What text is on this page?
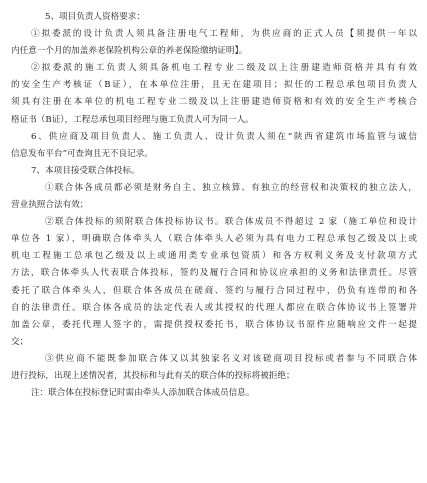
5、项目负责人资格要求：
①拟委派的设计负责人须具备注册电气工程师，为供应商的正式人员【须提供一年以
内任意一个月的加盖养老保险机构公章的养老保险缴纳证明】。
②拟委派的施工负责人须具备机电工程专业二级及以上注册建造师资格并具有有效
的安全生产考核证（B证），在本单位注册，且无在建项目；拟任的工程总承包项目负责人
须具有注册在本单位的机电工程专业二级及以上注册建造师资格和有效的安全生产考核合
格证书（B证），工程总承包项目经理与施工负责人可为同一人。
6、供应商及项目负责人、施工负责人、设计负责人须在“陕西省建筑市场监管与诚信
信息发布平台”可查询且无不良记录。
7、本项目接受联合体投标。
①联合体各成员都必须是财务自主、独立核算、有独立的经营权和决策权的独立法人，
营业执照合法有效；
②联合体投标的须附联合体投标协议书。联合体成员不得超过 2 家（施工单位和设计
单位各 1 家），明确联合体牵头人（联合体牵头人必须为具有电力工程总承包乙级及以上或
机电工程施工总承包乙级及以上或通用类专业承包资质）和各方权利义务及支付款项方式
方法，联合体牵头人代表联合体投标，签约及履行合同和协议应承担的义务和法律责任。尽管
委托了联合体牵头人，但联合体各成员在磋商、签约与履行合同过程中，仍负有连带的和各
自的法律责任。联合体各成员的法定代表人或其授权的代理人都应在联合体协议书上签署并
加盖公章，委托代理人签字的，需提供授权委托书，联合体协议书原件应随响应文件一起提
交；
③供应商不能既参加联合体又以其独家名义对该磋商项目投标或者参与不同联合体
进行投标，出现上述情况者，其投标和与此有关的联合体的投标将被拒绝；
注：联合体在投标登记时需由牵头人添加联合体成员信息。
